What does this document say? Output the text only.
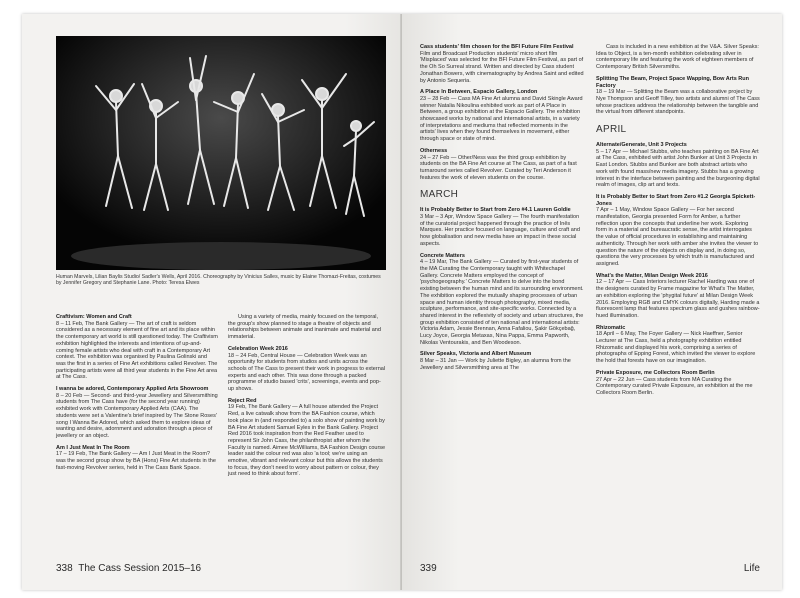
Human Marvels, Lilian Baylis Studio/ Sadler's Wells, April 2016. Choreography by Vinicius Salles, music by Elaine Thomazi-Freitas, costumes by Jennifer Gregory and Stephanie Lane. Photo: Teresa Elwes
Craftivism: Women and Craft

8 – 11 Feb, The Bank Gallery — The art of craft is seldom considered as a necessary element of fine art and its place within the contemporary art world is still questioned today. The Craftivism exhibition highlighted the interests and intentions of up-and-coming female artists who deal with craft in a Contemporary Art context. The exhibition was organised by Paulina Golinski and was the first in a series of Fine Art exhibitions called Revolver. The participating artists were all third year students in the Fine Art area at The Cass.

I wanna be adored, Contemporary Applied Arts Showroom

8 – 20 Feb — Second- and third-year Jewellery and Silversmithing students from The Cass have (for the second year running) exhibited work with Contemporary Applied Arts (CAA). The students were set a Valentine's brief inspired by The Stone Roses' song I Wanna Be Adored, which asked them to explore ideas of wanting and desire, adornment and adoration through a piece of jewellery or an object.

Am I Just Meat In The Room

17 – 19 Feb, The Bank Gallery — Am I Just Meat in the Room? was the second group show by BA (Hons) Fine Art students in the fast-moving Revolver series, held in The Cass Bank Space.

Using a variety of media, mainly focused on the temporal, the group's show planned to stage a theatre of objects and relationships between animate and inanimate and material and immaterial.

Celebration Week 2016

18 – 24 Feb, Central House — Celebration Week was an opportunity for students from studios and units across the schools of The Cass to present their work in progress to external experts and each other. This was done through a packed programme of studio based 'crits', screenings, events and pop-up shows.

Reject Red

19 Feb, The Bank Gallery — A full house attended the Project Red, a live catwalk show from the BA Fashion course, which took place in (and responded to) a solo show of painting work by BA Fine Art student Samuel Eyles in the Bank Gallery. Project Red 2016 took inspiration from the Red Feather used to represent Sir John Cass, the philanthropist after whom the Faculty is named. Aimee McWilliams, BA Fashion Design course leader said the colour red was also 'a tool; we're using an emotive, vibrant and relevant colour but this allows the students to focus, they don't need to worry about pattern or colour, they just need to think about form'.

338 The Cass Session 2015–16
Cass students' film chosen for the BFI Future Film Festival

Film and Broadcast Production students' micro short film 'Misplaced' was selected for the BFI Future Film Festival, as part of the Oh So Surreal strand. Written and directed by Cass student Jonathan Bowers, with cinematography by Andrea Saint and edited by Antonio Sequeria.

A Place In Between, Espacio Gallery, London

23 – 28 Feb — Cass MA Fine Art alumna and David Skingle Award winner Natalia Nikoulina exhibited work as part of A Place in Between, a group exhibition at the Espacio Gallery. The exhibition showcased works by national and international artists, in a variety of interpretations and mediums that reflected moments in the artists' lives when they found themselves in movement, either through space or state of mind.

Otherness

24 – 27 Feb — Other/Ness was the third group exhibition by students on the BA Fine Art course at The Cass, as part of a fast turnaround series called Revolver. Curated by Teri Anderson it features the work of eleven students on the course.

MARCH
It is Probably Better to Start from Zero #4.1 Lauren Goldie

3 Mar – 3 Apr, Window Space Gallery — The fourth manifestation of the curatorial project happened through the practice of Inês Marques. Her practice focused on language, culture and craft and how globalisation and new media have an impact in these social aspects.

Concrete Matters

4 – 19 Mar, The Bank Gallery — Curated by first-year students of the MA Curating the Contemporary taught with Whitechapel Gallery. Concrete Matters employed the concept of 'psychogeography.' Concrete Matters to delve into the bond existing between the human mind and its surrounding environment. The exhibition explored the mutually shaping processes of urban space and human identity through photography, mixed media, sculpture, performance, and site-specific works. Connected by a shared interest in the reflexivity of society and urban structures, the group exhibition consisted of ten national and international artists: Victoria Adam, Jessie Brennan, Anna Fafaliou, Şakir Gökçebağ, Lucy Joyce, Georgia Metaxas, Nina Pappa, Emma Papworth, Nikolas Ventourakis, and Ben Woodeson.

Silver Speaks, Victoria and Albert Museum

8 Mar – 31 Jan — Work by Juliette Bigley, an alumna from the Jewellery and Silversmithing area at The

Cass is included in a new exhibition at the V&A. Silver Speaks: Idea to Object, is a ten-month exhibition celebrating silver in contemporary life and featuring the work of eighteen members of Contemporary British Silversmiths.

Splitting The Beam, Project Space Wapping, Bow Arts Run Factory

18 – 19 Mar — Splitting the Beam was a collaborative project by Nye Thompson and Geoff Tilley, two artists and alumni of The Cass whose practices address the relationship between the tangible and the virtual from different standpoints.

APRIL
Alternate/Generate, Unit 3 Projects

5 – 17 Apr — Michael Stubbs, who teaches painting on BA Fine Art at The Cass, exhibited with artist John Bunker at Unit 3 Projects in East London. Stubbs and Bunker are both abstract artists who work with found mass/new media imagery. Stubbs has a growing interest in the interface between painting and the burgeoning digital realm of images, clip art and texts.

It is Probably Better to Start from Zero #1.2 Georgia Spickett-Jones

7 Apr – 1 May, Window Space Gallery — For her second manifestation, Georgia presented Form for Amber, a further reflection upon the concepts that underline her work. Exploring form in a material and bureaucratic sense, the artist interrogates the value of official procedures in establishing and maintaining authenticity. Through her work with amber she invites the viewer to question the nature of the objects on display and, in doing so, questions the very processes by which truth is manufactured and assigned.

What's the Matter, Milan Design Week 2016

12 – 17 Apr — Cass Interiors lecturer Rachel Harding was one of the designers curated by Frame magazine for What's The Matter, an exhibition exploring the 'phygital future' at Milan Design Week 2016. Employing RGB and CMYK colours digitally, Harding made a fluorescent lamp that features spectrum glass and gushes rainbow-hued illumination.

Rhizomatic

18 April – 6 May, The Foyer Gallery — Nick Haeffner, Senior Lecturer at The Cass, held a photography exhibition entitled Rhizomatic and displayed his work, comprising a series of photographs of Epping Forest, which invited the viewer to explore the hold that forests have on our imagination.

Private Exposure, me Collectors Room Berlin

27 Apr – 22 Jun — Cass students from MA Curating the Contemporary curated Private Exposure, an exhibition at the me Collectors Room Berlin.

339	Life
